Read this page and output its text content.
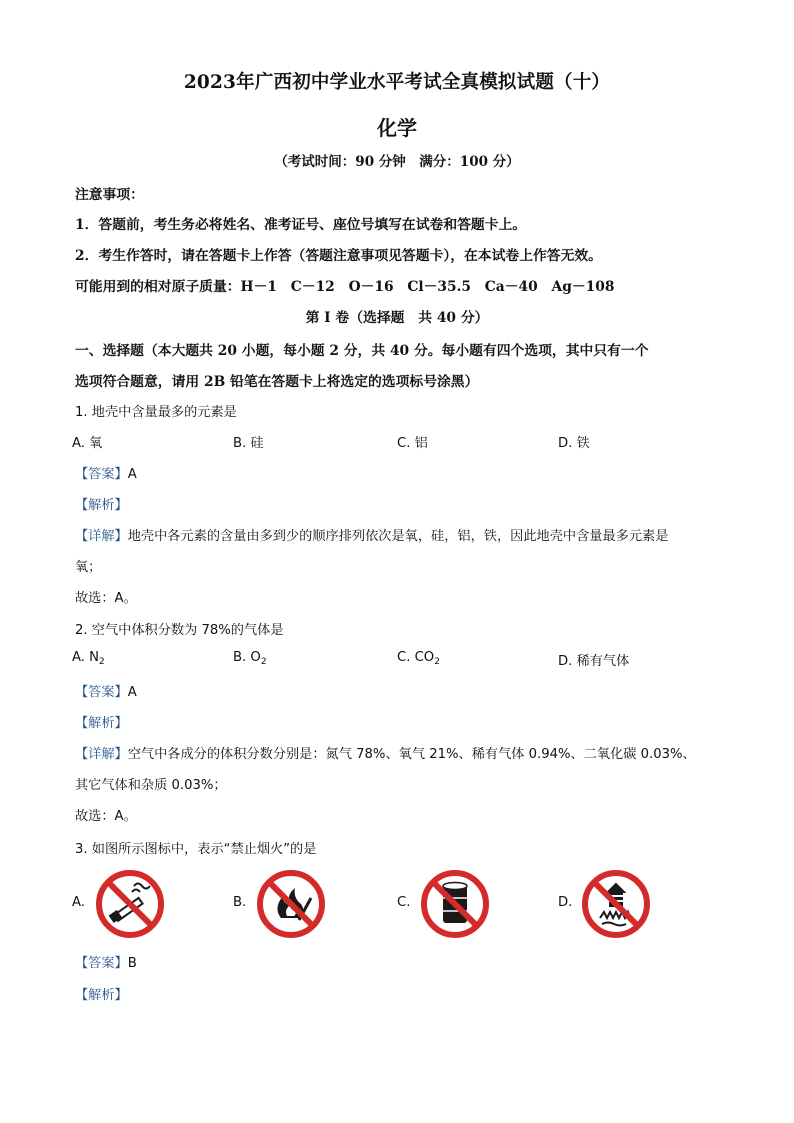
2023年广西初中学业水平考试全真模拟试题（十）
化学
（考试时间：90 分钟　满分：100 分）
注意事项：
1．答题前，考生务必将姓名、准考证号、座位号填写在试卷和答题卡上。
2．考生作答时，请在答题卡上作答（答题注意事项见答题卡），在本试卷上作答无效。
可能用到的相对原子质量：H－1　C－12　O－16　Cl－35.5　Ca－40　Ag－108
第 I 卷（选择题　共 40 分）
一、选择题（本大题共 20 小题，每小题 2 分，共 40 分。每小题有四个选项，其中只有一个
选项符合题意，请用 2B 铅笔在答题卡上将选定的选项标号涂黑）
1. 地壳中含量最多的元素是
A. 氧	B. 硅	C. 铝	D. 铁
【答案】A
【解析】
【详解】地壳中各元素的含量由多到少的顺序排列依次是氧，硅，铝，铁，因此地壳中含量最多元素是
氧；
故选：A。
2. 空气中体积分数为 78%的气体是
A. $N_2$	B. $O_2$	C. $CO_2$	D. 稀有气体
【答案】A
【解析】
【详解】空气中各成分的体积分数分别是：氮气 78%、氧气 21%、稀有气体 0.94%、二氧化碳 0.03%、
其它气体和杂质 0.03%；
故选：A。
3. 如图所示图标中，表示“禁止烟火”的是
A.	B.	C.	D.
【答案】B
【解析】
